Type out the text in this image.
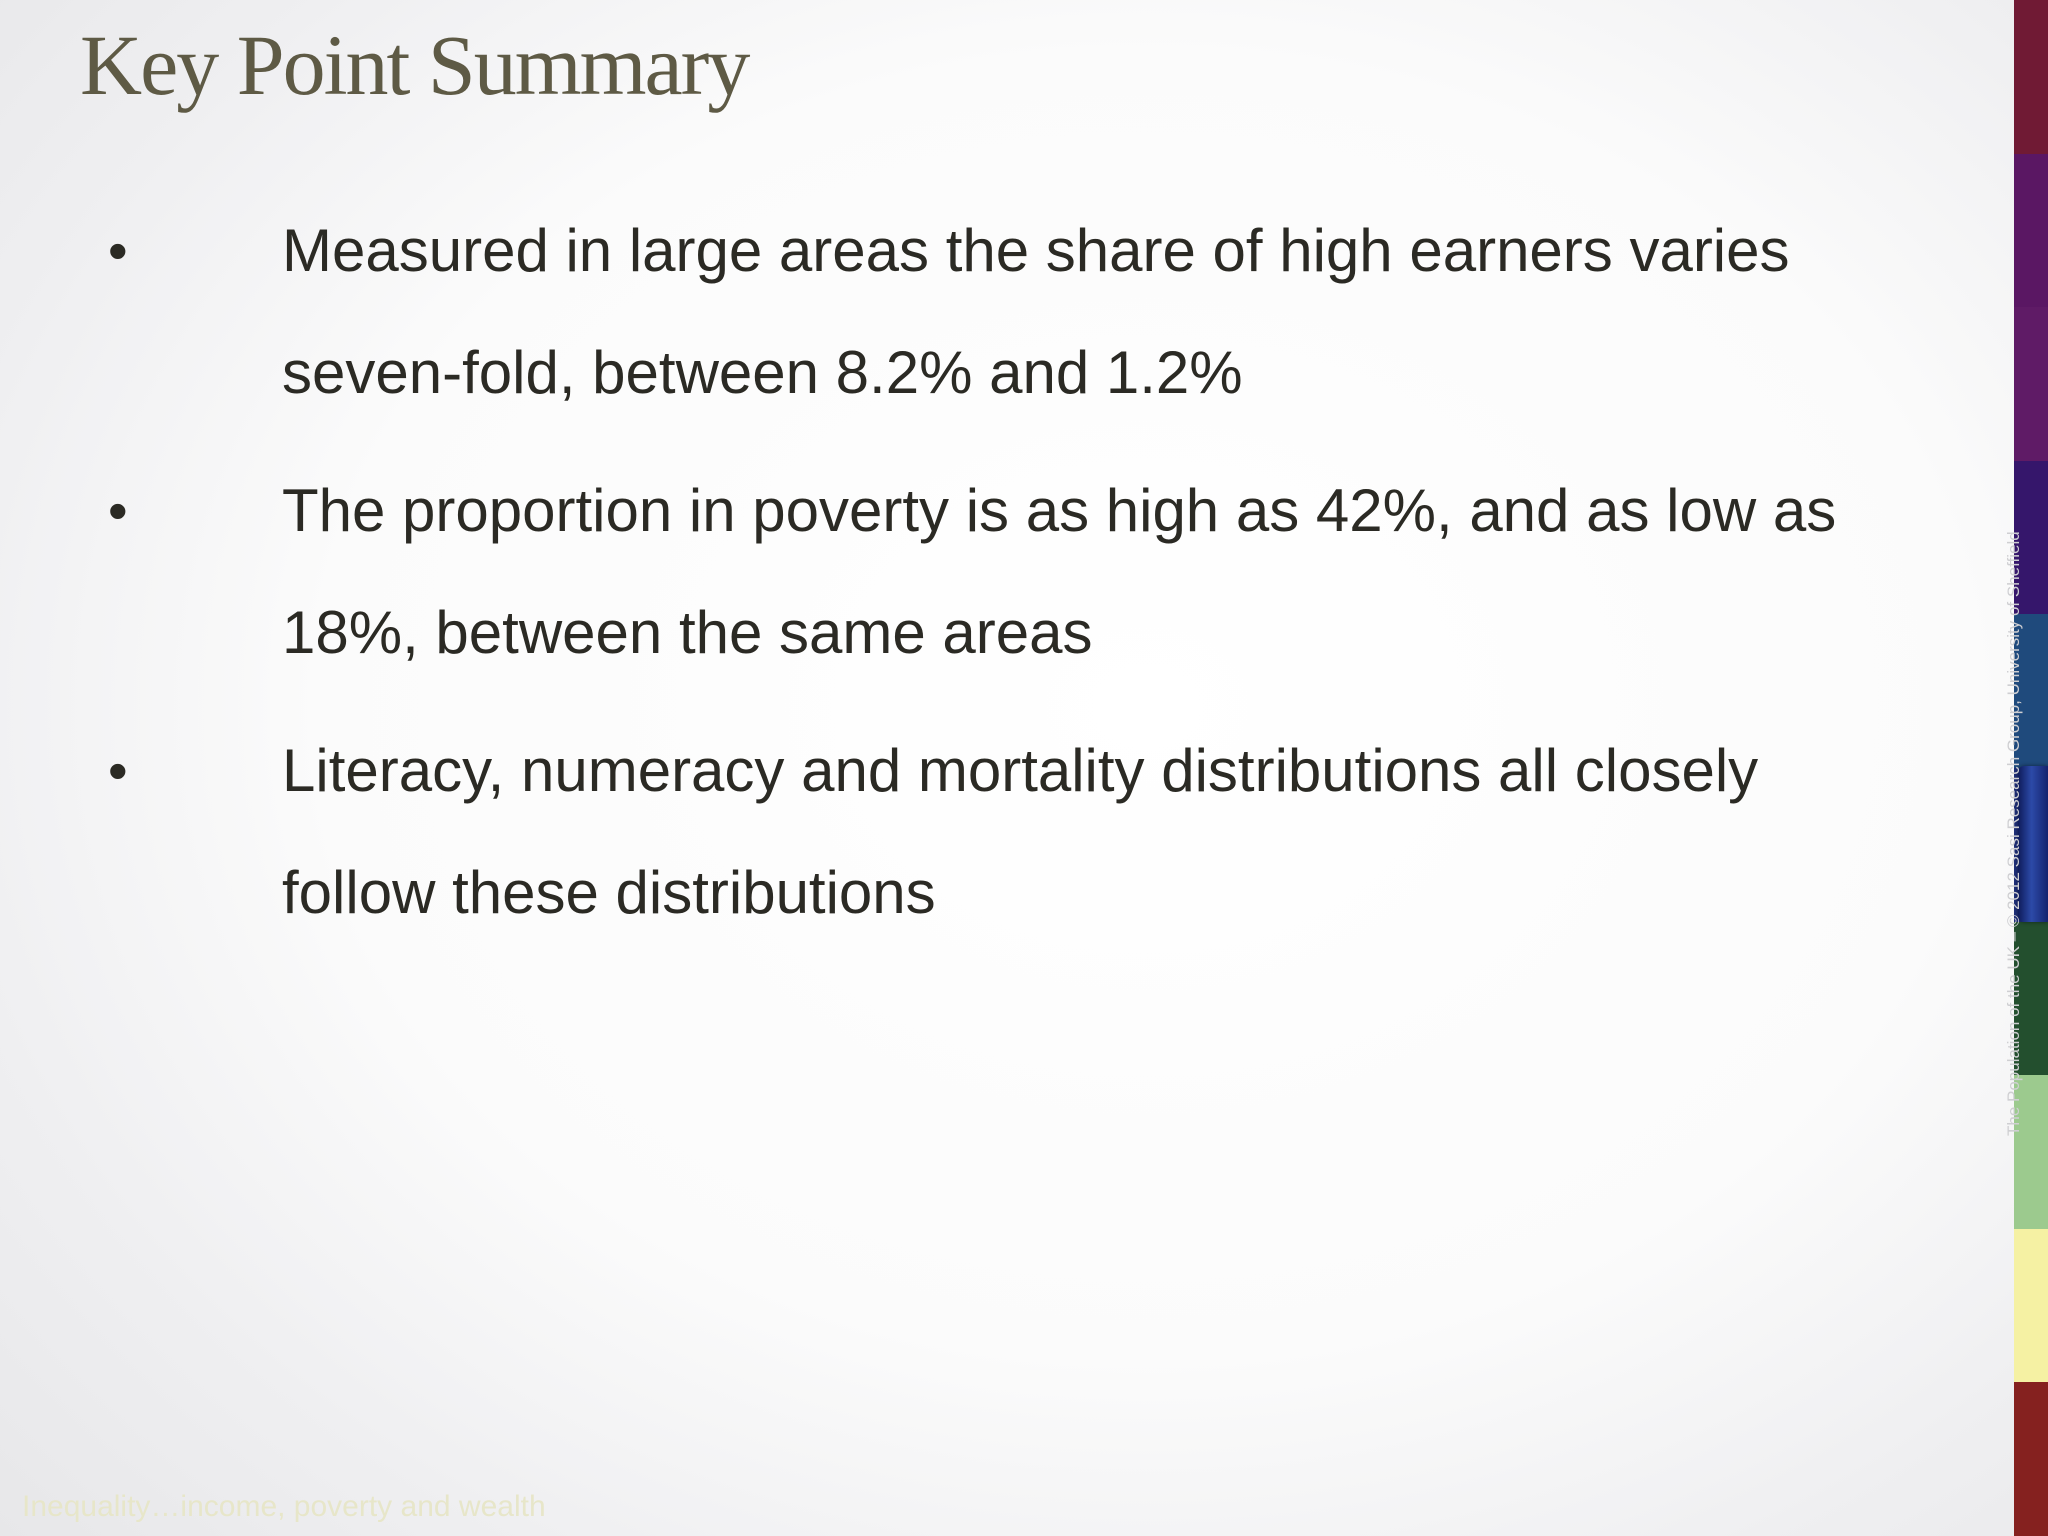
Key Point Summary
•	Measured in large areas the share of high earners varies seven-fold, between 8.2% and 1.2%
•	The proportion in poverty is as high as 42%, and as low as 18%, between the same areas
•	Literacy, numeracy and mortality distributions all closely follow these distributions	The Population of the UK – © 2012 Sasi Research Group, University of Sheffield
Inequality…income, poverty and wealth
